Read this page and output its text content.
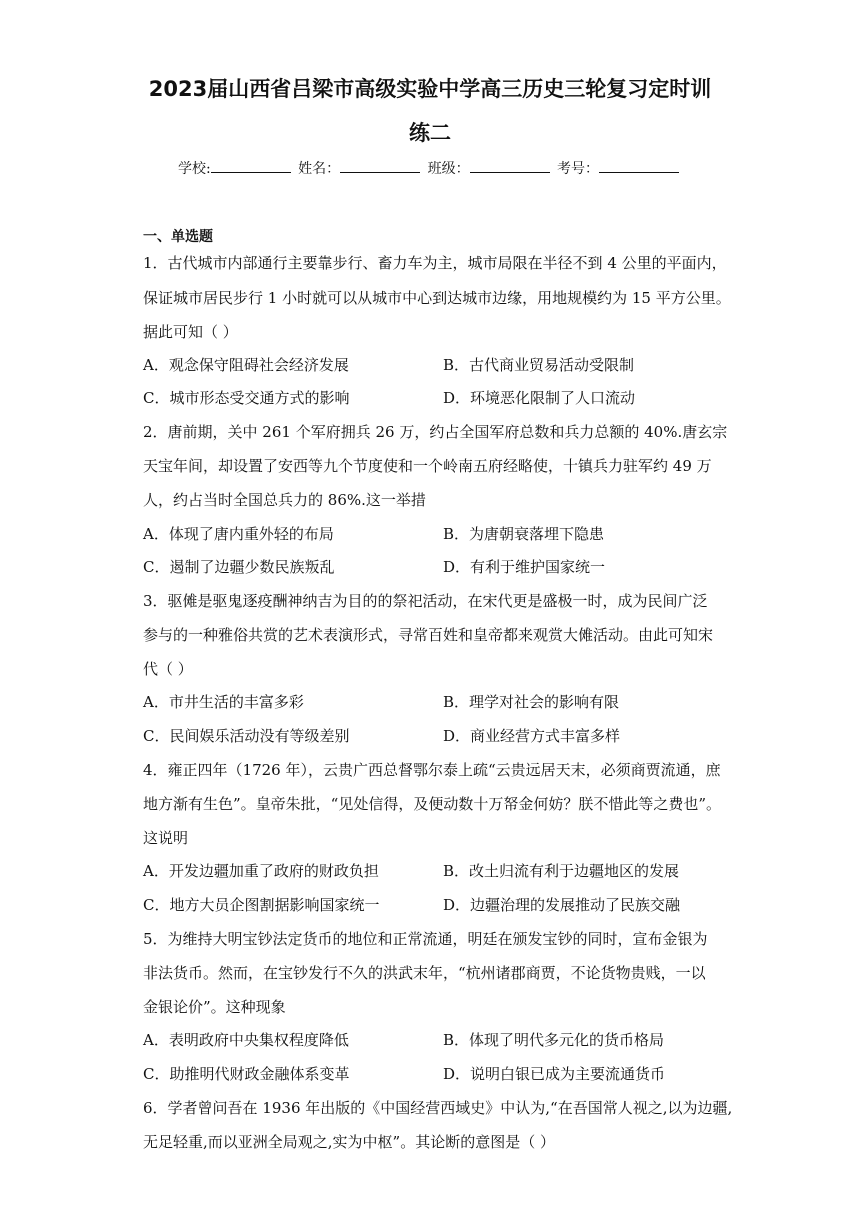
2023届山西省吕梁市高级实验中学高三历史三轮复习定时训
练二
学校:	姓名：	班级：	考号：
一、单选题
1．古代城市内部通行主要靠步行、畜力车为主，城市局限在半径不到 4 公里的平面内，
保证城市居民步行 1 小时就可以从城市中心到达城市边缘，用地规模约为 15 平方公里。
据此可知（ ）
A．观念保守阻碍社会经济发展	B．古代商业贸易活动受限制
C．城市形态受交通方式的影响	D．环境恶化限制了人口流动
2．唐前期，关中 261 个军府拥兵 26 万，约占全国军府总数和兵力总额的 40%.唐玄宗
天宝年间，却设置了安西等九个节度使和一个岭南五府经略使，十镇兵力驻军约 49 万
人，约占当时全国总兵力的 86%.这一举措
A．体现了唐内重外轻的布局	B．为唐朝衰落埋下隐患
C．遏制了边疆少数民族叛乱	D．有利于维护国家统一
3．驱傩是驱鬼逐疫酬神纳吉为目的的祭祀活动，在宋代更是盛极一时，成为民间广泛
参与的一种雅俗共赏的艺术表演形式，寻常百姓和皇帝都来观赏大傩活动。由此可知宋
代（ ）
A．市井生活的丰富多彩	B．理学对社会的影响有限
C．民间娱乐活动没有等级差别	D．商业经营方式丰富多样
4．雍正四年（1726 年），云贵广西总督鄂尔泰上疏“云贵远居天末，必须商贾流通，庶
地方渐有生色”。皇帝朱批，“见处信得，及便动数十万帑金何妨？朕不惜此等之费也”。
这说明
A．开发边疆加重了政府的财政负担	B．改土归流有利于边疆地区的发展
C．地方大员企图割据影响国家统一	D．边疆治理的发展推动了民族交融
5．为维持大明宝钞法定货币的地位和正常流通，明廷在颁发宝钞的同时，宣布金银为
非法货币。然而，在宝钞发行不久的洪武末年，“杭州诸郡商贾，不论货物贵贱，一以
金银论价”。这种现象
A．表明政府中央集权程度降低	B．体现了明代多元化的货币格局
C．助推明代财政金融体系变革	D．说明白银已成为主要流通货币
6．学者曾问吾在 1936 年出版的《中国经营西域史》中认为,“在吾国常人视之,以为边疆,
无足轻重,而以亚洲全局观之,实为中枢”。其论断的意图是（ ）
